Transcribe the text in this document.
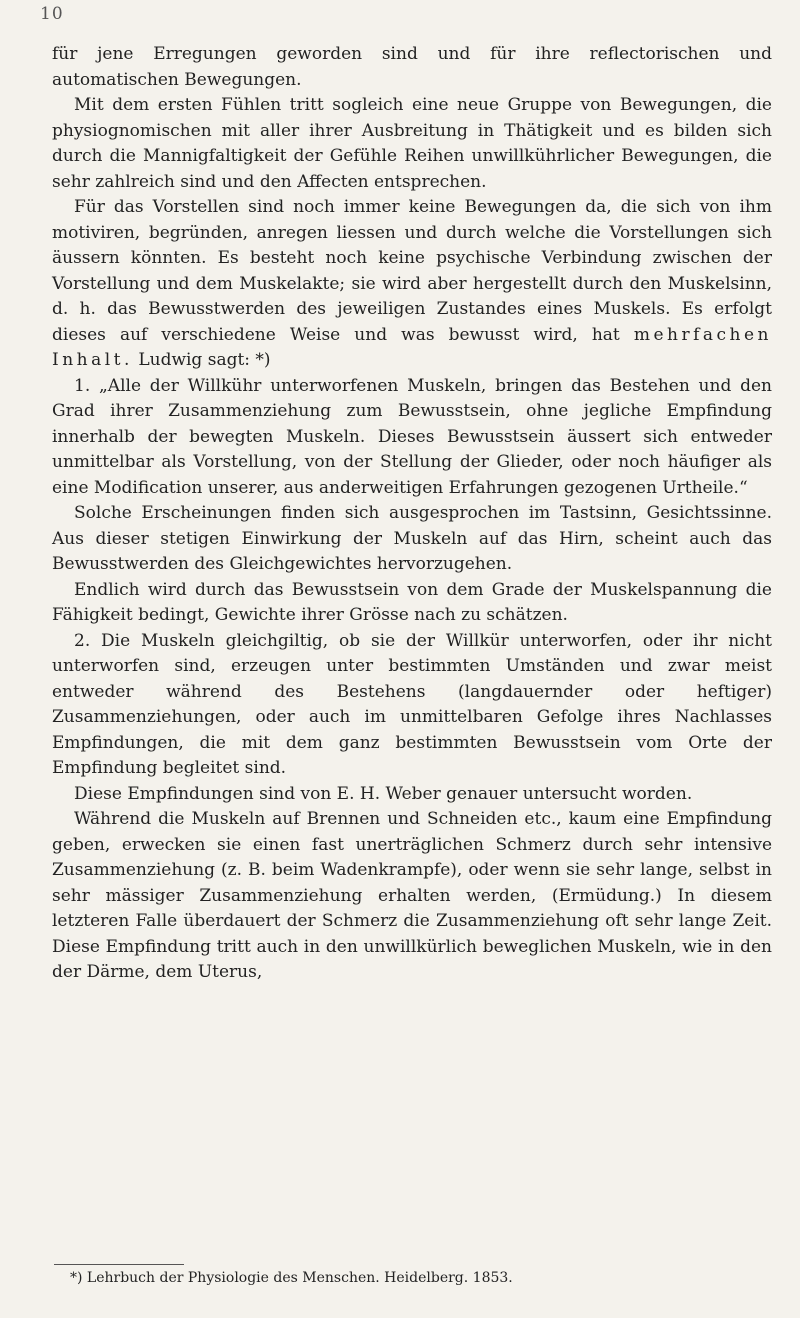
10

für jene Erregungen geworden sind und für ihre reflectorischen und automatischen Bewegungen.

Mit dem ersten Fühlen tritt sogleich eine neue Gruppe von Bewegungen, die physiognomischen mit aller ihrer Ausbreitung in Thätigkeit und es bilden sich durch die Mannigfaltigkeit der Gefühle Reihen unwillkührlicher Bewegungen, die sehr zahlreich sind und den Affecten entsprechen.

Für das Vorstellen sind noch immer keine Bewegungen da, die sich von ihm motiviren, begründen, anregen liessen und durch welche die Vorstellungen sich äussern könnten. Es besteht noch keine psychische Verbindung zwischen der Vorstellung und dem Muskelakte; sie wird aber hergestellt durch den Muskelsinn, d. h. das Bewusstwerden des jeweiligen Zustandes eines Muskels. Es erfolgt dieses auf verschiedene Weise und was bewusst wird, hat mehrfachen Inhalt. Ludwig sagt: *)

1. „Alle der Willkühr unterworfenen Muskeln, bringen das Bestehen und den Grad ihrer Zusammenziehung zum Bewusstsein, ohne jegliche Empfindung innerhalb der bewegten Muskeln. Dieses Bewusstsein äussert sich entweder unmittelbar als Vorstellung, von der Stellung der Glieder, oder noch häufiger als eine Modification unserer, aus anderweitigen Erfahrungen gezogenen Urtheile.“

Solche Erscheinungen finden sich ausgesprochen im Tastsinn, Gesichtssinne. Aus dieser stetigen Einwirkung der Muskeln auf das Hirn, scheint auch das Bewusstwerden des Gleichgewichtes hervorzugehen.

Endlich wird durch das Bewusstsein von dem Grade der Muskelspannung die Fähigkeit bedingt, Gewichte ihrer Grösse nach zu schätzen.

2. Die Muskeln gleichgiltig, ob sie der Willkür unterworfen, oder ihr nicht unterworfen sind, erzeugen unter bestimmten Umständen und zwar meist entweder während des Bestehens (langdauernder oder heftiger) Zusammenziehungen, oder auch im unmittelbaren Gefolge ihres Nachlasses Empfindungen, die mit dem ganz bestimmten Bewusstsein vom Orte der Empfindung begleitet sind.

Diese Empfindungen sind von E. H. Weber genauer untersucht worden.

Während die Muskeln auf Brennen und Schneiden etc., kaum eine Empfindung geben, erwecken sie einen fast unerträglichen Schmerz durch sehr intensive Zusammenziehung (z. B. beim Wadenkrampfe), oder wenn sie sehr lange, selbst in sehr mässiger Zusammenziehung erhalten werden, (Ermüdung.) In diesem letzteren Falle überdauert der Schmerz die Zusammenziehung oft sehr lange Zeit. Diese Empfindung tritt auch in den unwillkürlich beweglichen Muskeln, wie in den der Därme, dem Uterus,

*) Lehrbuch der Physiologie des Menschen. Heidelberg. 1853.
